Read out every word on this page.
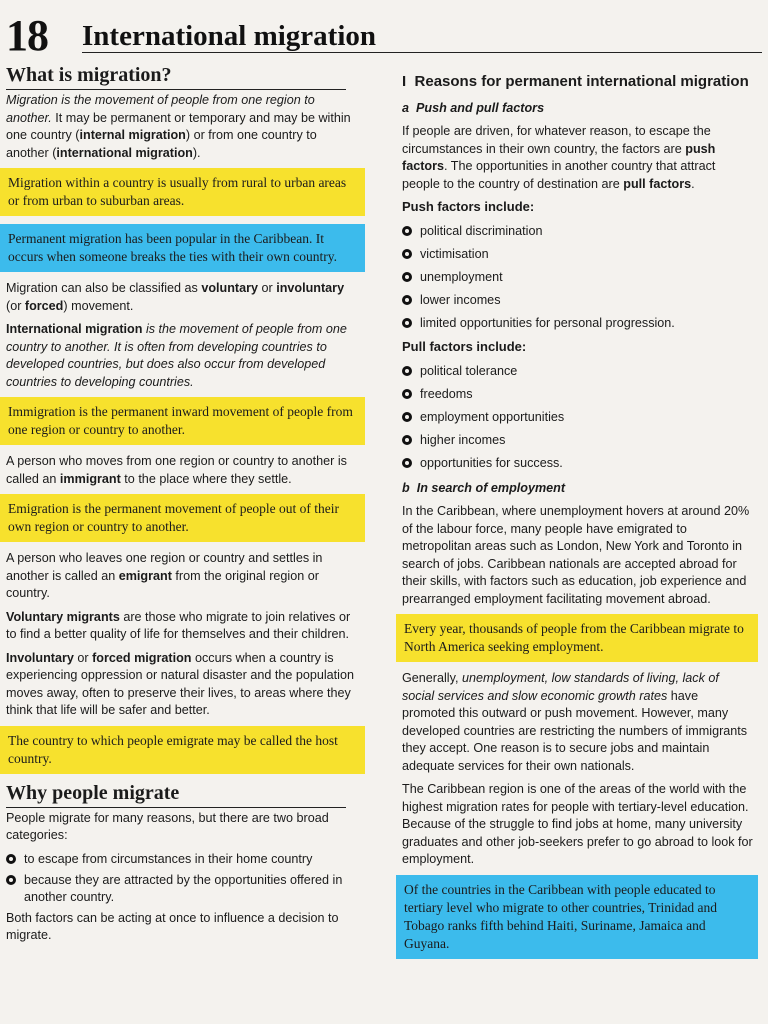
18 International migration
What is migration?

Migration is the movement of people from one region to another. It may be permanent or temporary and may be within one country (internal migration) or from one country to another (international migration).

Migration within a country is usually from rural to urban areas or from urban to suburban areas.
Permanent migration has been popular in the Caribbean. It occurs when someone breaks the ties with their own country.

Migration can also be classified as voluntary or involuntary (or forced) movement.

International migration is the movement of people from one country to another. It is often from developing countries to developed countries, but does also occur from developed countries to developing countries.

Immigration is the permanent inward movement of people from one region or country to another.

A person who moves from one region or country to another is called an immigrant to the place where they settle.

Emigration is the permanent movement of people out of their own region or country to another.

A person who leaves one region or country and settles in another is called an emigrant from the original region or country.

Voluntary migrants are those who migrate to join relatives or to find a better quality of life for themselves and their children.

Involuntary or forced migration occurs when a country is experiencing oppression or natural disaster and the population moves away, often to preserve their lives, to areas where they think that life will be safer and better.

The country to which people emigrate may be called the host country.
Why people migrate

People migrate for many reasons, but there are two broad categories:

to escape from circumstances in their home country
because they are attracted by the opportunities offered in another country.

Both factors can be acting at once to influence a decision to migrate.

I Reasons for permanent international migration
a Push and pull factors

If people are driven, for whatever reason, to escape the circumstances in their own country, the factors are push factors. The opportunities in another country that attract people to the country of destination are pull factors.

Push factors include:
political discrimination
victimisation
unemployment
lower incomes
limited opportunities for personal progression.
Pull factors include:
political tolerance
freedoms
employment opportunities
higher incomes
opportunities for success.
b In search of employment

In the Caribbean, where unemployment hovers at around 20% of the labour force, many people have emigrated to metropolitan areas such as London, New York and Toronto in search of jobs. Caribbean nationals are accepted abroad for their skills, with factors such as education, job experience and prearranged employment facilitating movement abroad.

Every year, thousands of people from the Caribbean migrate to North America seeking employment.

Generally, unemployment, low standards of living, lack of social services and slow economic growth rates have promoted this outward or push movement. However, many developed countries are restricting the numbers of immigrants they accept. One reason is to secure jobs and maintain adequate services for their own nationals.

The Caribbean region is one of the areas of the world with the highest migration rates for people with tertiary-level education. Because of the struggle to find jobs at home, many university graduates and other job-seekers prefer to go abroad to look for employment.

Of the countries in the Caribbean with people educated to tertiary level who migrate to other countries, Trinidad and Tobago ranks fifth behind Haiti, Suriname, Jamaica and Guyana.
